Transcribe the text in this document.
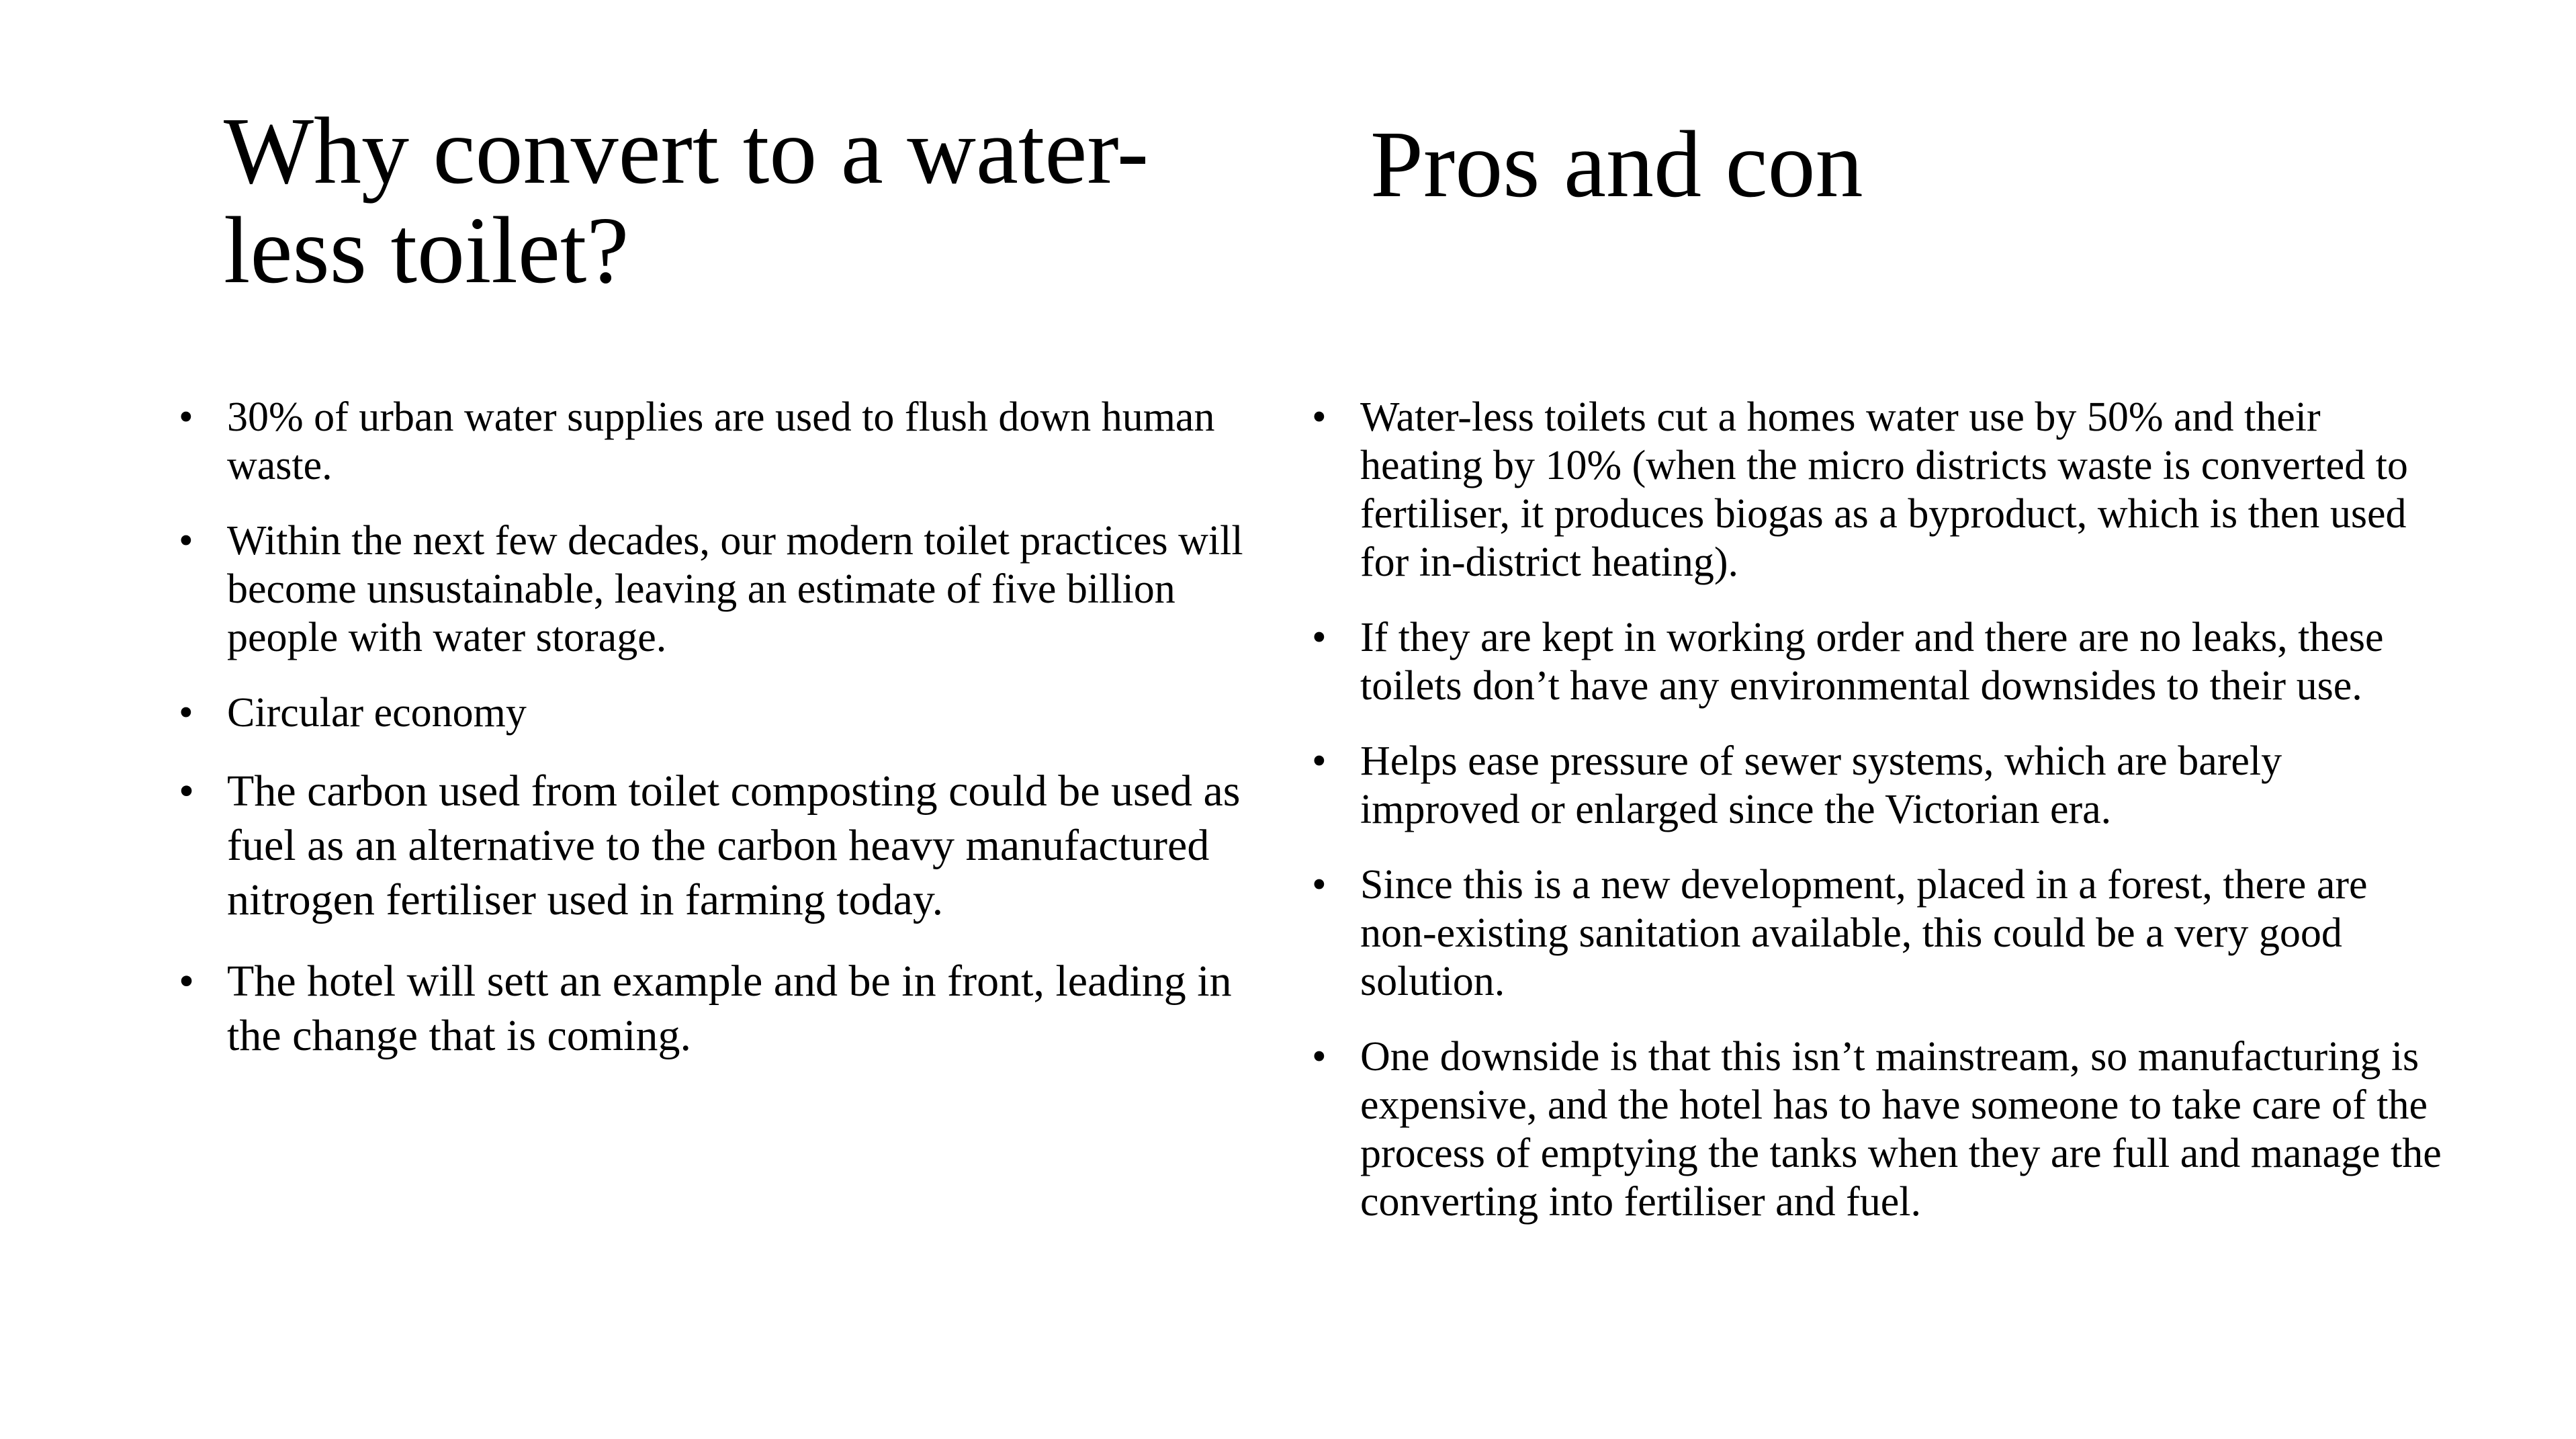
Why convert to a water-less toilet?
Pros and con
• 30% of urban water supplies are used to flush down human waste.
• Within the next few decades, our modern toilet practices will become unsustainable, leaving an estimate of five billion people with water storage.
• Circular economy
• The carbon used from toilet composting could be used as fuel as an alternative to the carbon heavy manufactured nitrogen fertiliser used in farming today.
• The hotel will sett an example and be in front, leading in the change that is coming.
• Water-less toilets cut a homes water use by 50% and their heating by 10% (when the micro districts waste is converted to fertiliser, it produces biogas as a byproduct, which is then used for in-district heating).
• If they are kept in working order and there are no leaks, these toilets don’t have any environmental downsides to their use.
• Helps ease pressure of sewer systems, which are barely improved or enlarged since the Victorian era.
• Since this is a new development, placed in a forest, there are non-existing sanitation available, this could be a very good solution.
• One downside is that this isn’t mainstream, so manufacturing is expensive, and the hotel has to have someone to take care of the process of emptying the tanks when they are full and manage the converting into fertiliser and fuel.
